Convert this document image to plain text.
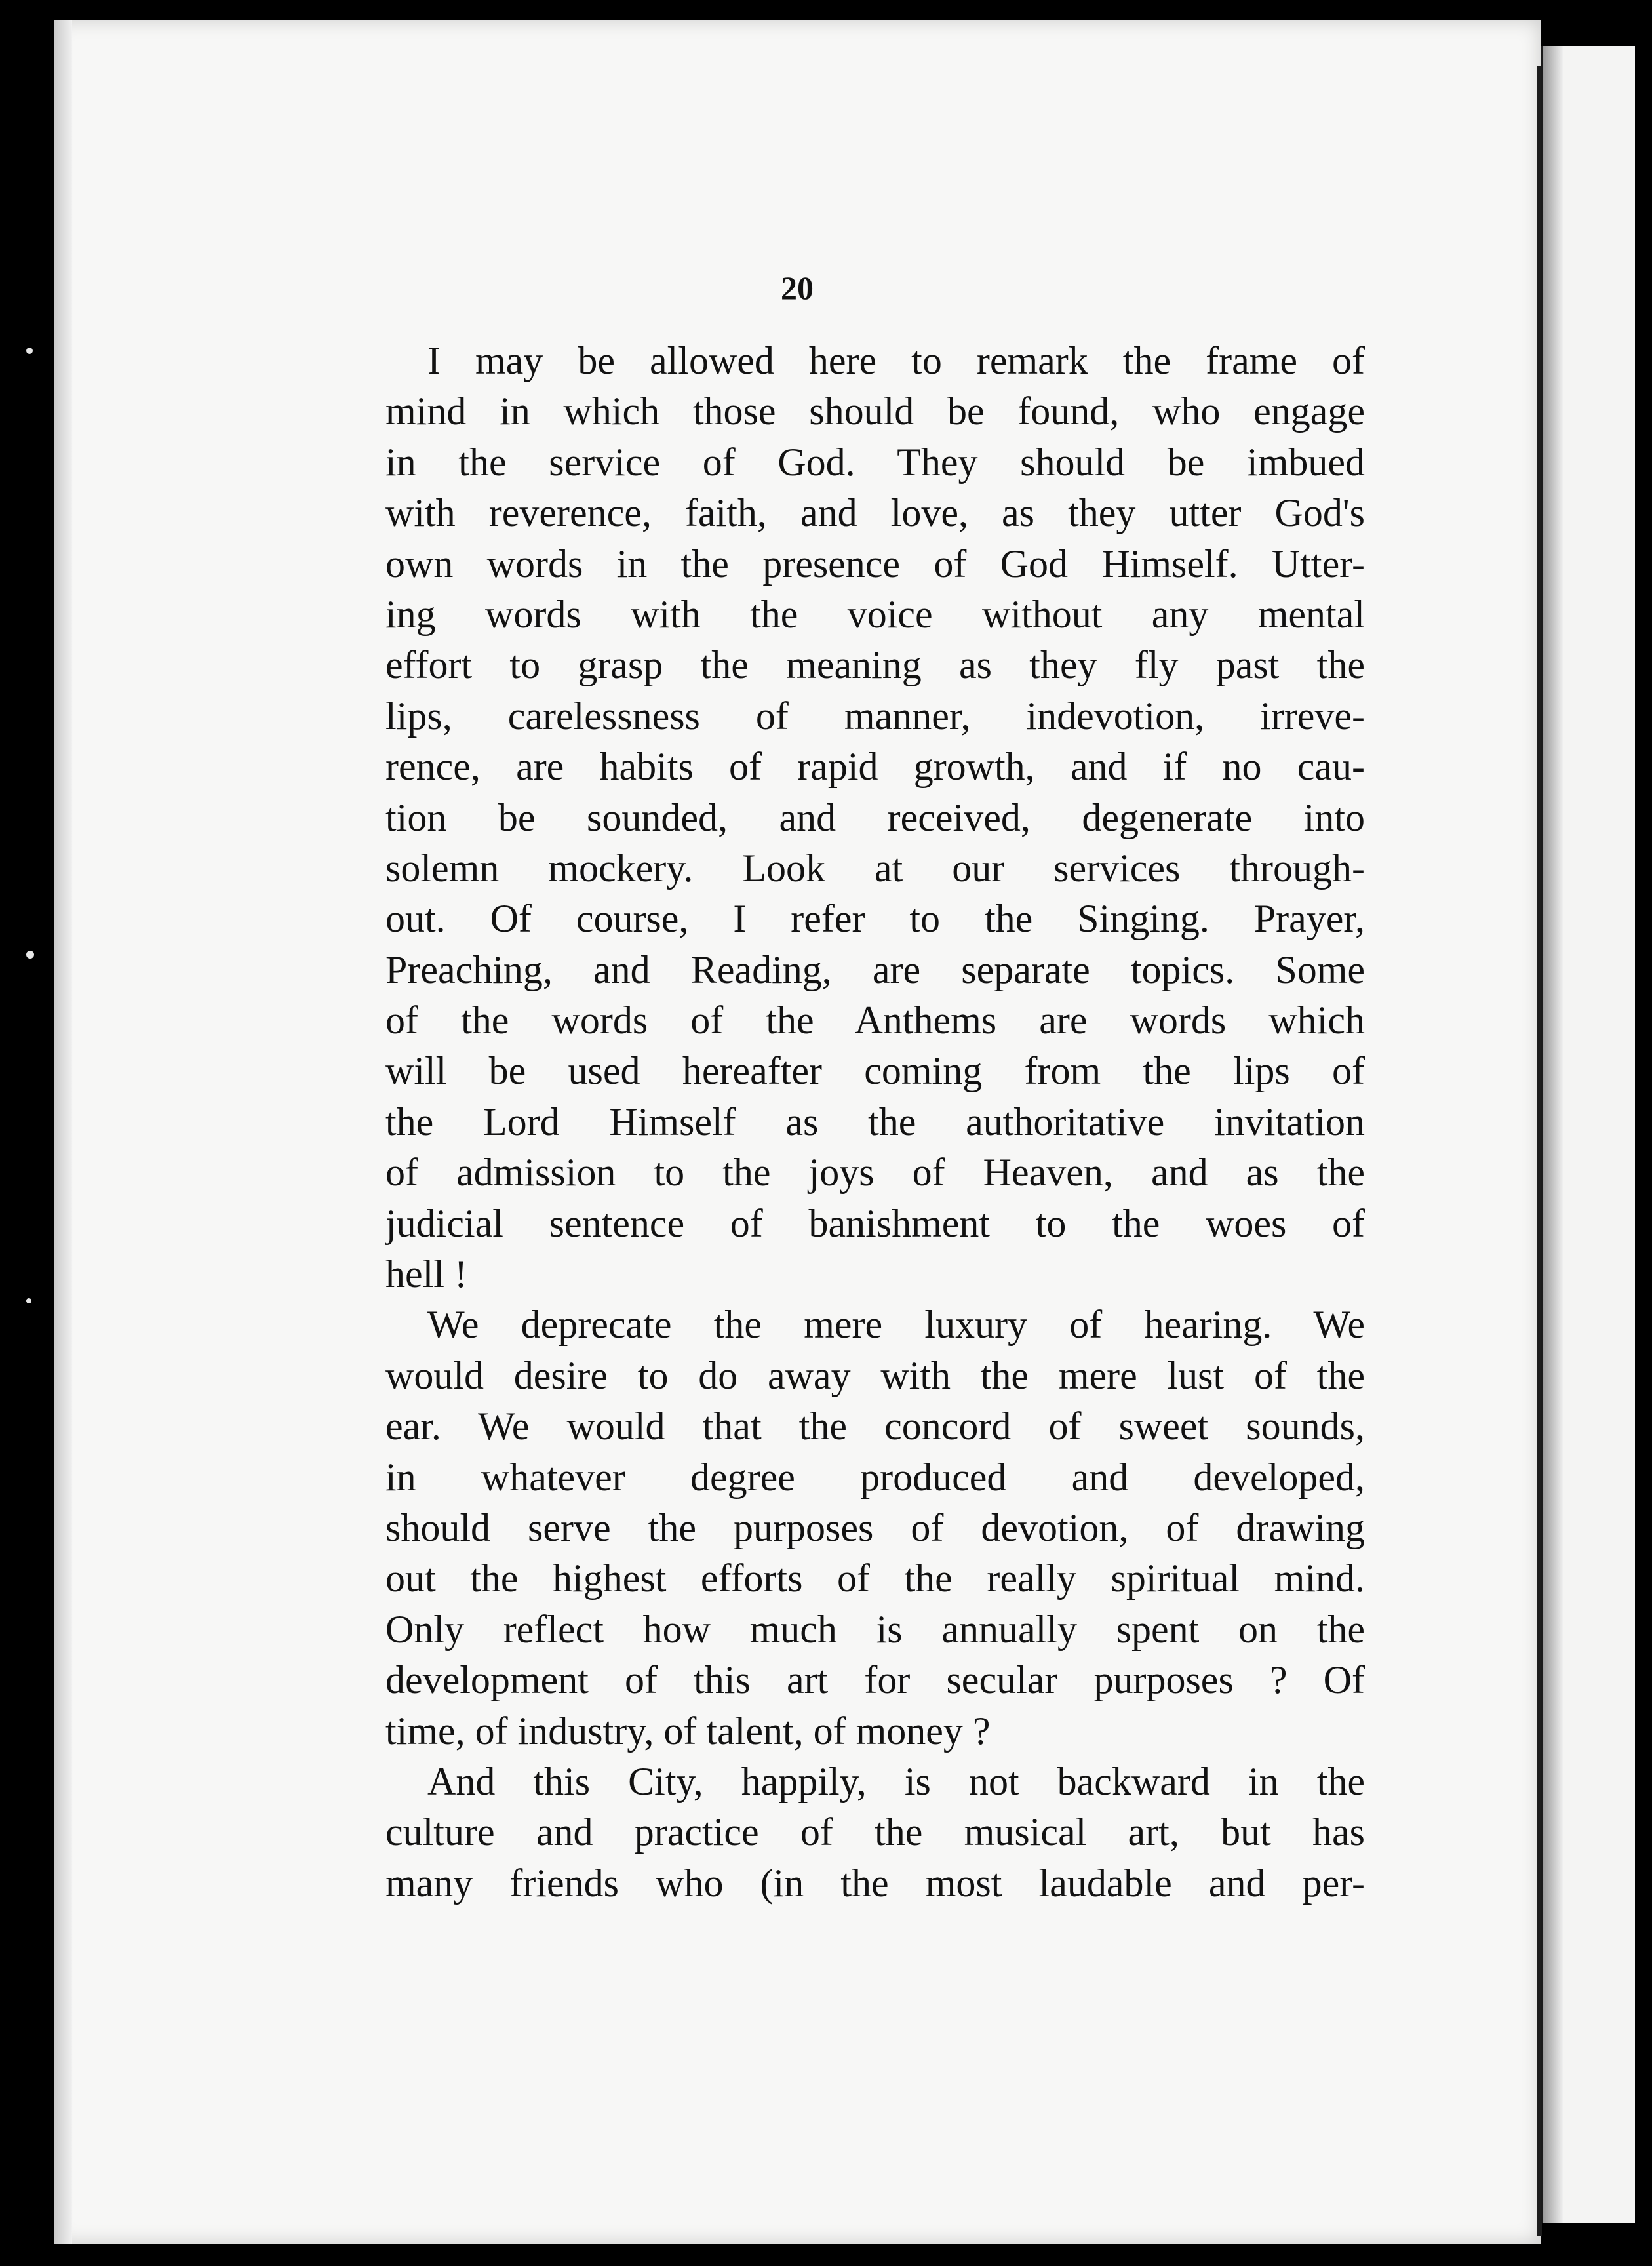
20
I may be allowed here to remark the frame of
mind in which those should be found, who engage
in the service of God. They should be imbued
with reverence, faith, and love, as they utter God's
own words in the presence of God Himself. Utter-
ing words with the voice without any mental
effort to grasp the meaning as they fly past the
lips, carelessness of manner, indevotion, irreve-
rence, are habits of rapid growth, and if no cau-
tion be sounded, and received, degenerate into
solemn mockery. Look at our services through-
out. Of course, I refer to the Singing. Prayer,
Preaching, and Reading, are separate topics. Some
of the words of the Anthems are words which
will be used hereafter coming from the lips of
the Lord Himself as the authoritative invitation
of admission to the joys of Heaven, and as the
judicial sentence of banishment to the woes of
hell !
We deprecate the mere luxury of hearing. We
would desire to do away with the mere lust of the
ear. We would that the concord of sweet sounds,
in whatever degree produced and developed,
should serve the purposes of devotion, of drawing
out the highest efforts of the really spiritual mind.
Only reflect how much is annually spent on the
development of this art for secular purposes ? Of
time, of industry, of talent, of money ?
And this City, happily, is not backward in the
culture and practice of the musical art, but has
many friends who (in the most laudable and per-
